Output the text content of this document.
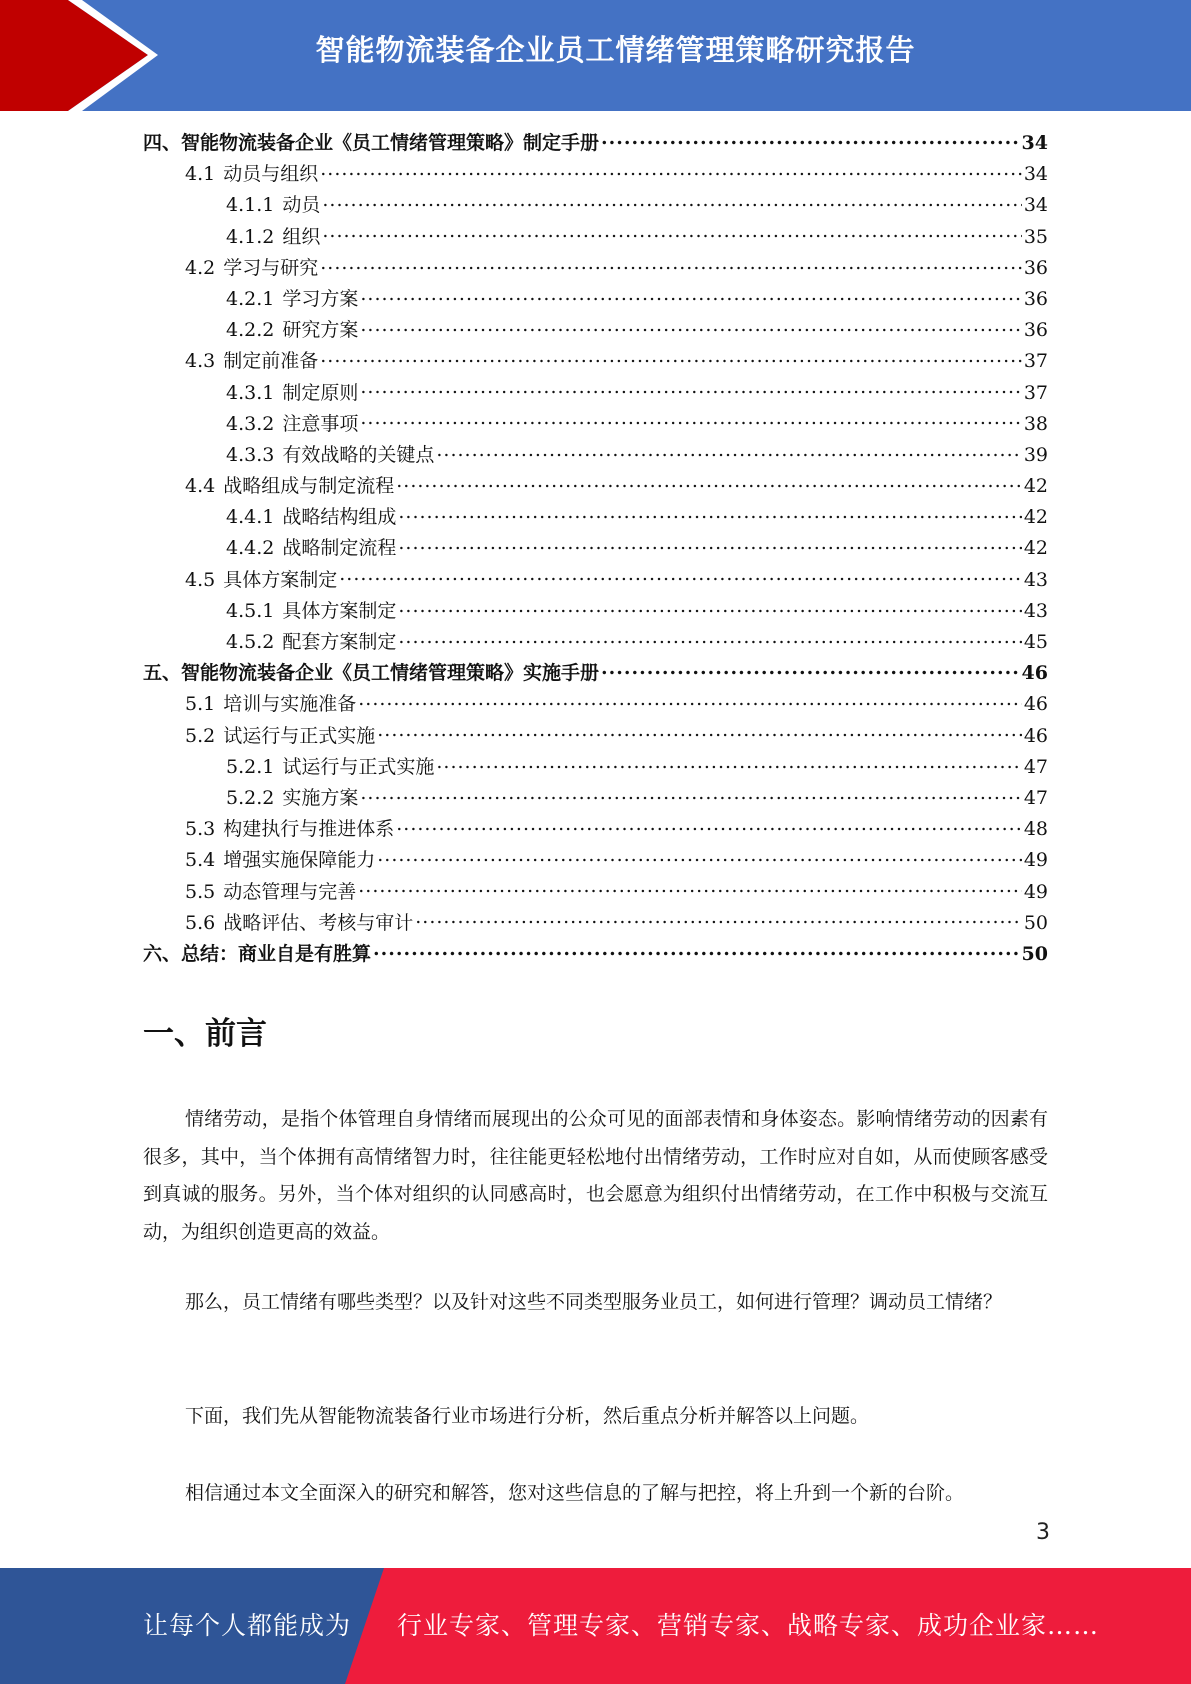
智能物流装备企业员工情绪管理策略研究报告
四、智能物流装备企业《员工情绪管理策略》制定手册 .....	34
4.1 动员与组织 .....	34
4.1.1 动员 .....	34
4.1.2 组织 .....	35
4.2 学习与研究 .....	36
4.2.1 学习方案 .....	36
4.2.2 研究方案 .....	36
4.3 制定前准备 .....	37
4.3.1 制定原则 .....	37
4.3.2 注意事项 .....	38
4.3.3 有效战略的关键点 .....	39
4.4 战略组成与制定流程 .....	42
4.4.1 战略结构组成 .....	42
4.4.2 战略制定流程 .....	42
4.5 具体方案制定 .....	43
4.5.1 具体方案制定 .....	43
4.5.2 配套方案制定 .....	45
五、智能物流装备企业《员工情绪管理策略》实施手册 .....	46
5.1 培训与实施准备 .....	46
5.2 试运行与正式实施 .....	46
5.2.1 试运行与正式实施 .....	47
5.2.2 实施方案 .....	47
5.3 构建执行与推进体系 .....	48
5.4 增强实施保障能力 .....	49
5.5 动态管理与完善 .....	49
5.6 战略评估、考核与审计 .....	50
六、总结：商业自是有胜算 .....	50
一、前言

情绪劳动，是指个体管理自身情绪而展现出的公众可见的面部表情和身体姿态。影响情绪劳动的因素有很多，其中，当个体拥有高情绪智力时，往往能更轻松地付出情绪劳动，工作时应对自如，从而使顾客感受到真诚的服务。另外，当个体对组织的认同感高时，也会愿意为组织付出情绪劳动，在工作中积极与交流互动，为组织创造更高的效益。

那么，员工情绪有哪些类型？以及针对这些不同类型服务业员工，如何进行管理？调动员工情绪？

下面，我们先从智能物流装备行业市场进行分析，然后重点分析并解答以上问题。

相信通过本文全面深入的研究和解答，您对这些信息的了解与把控，将上升到一个新的台阶。

3
让每个人都能成为 行业专家、管理专家、营销专家、战略专家、成功企业家……
